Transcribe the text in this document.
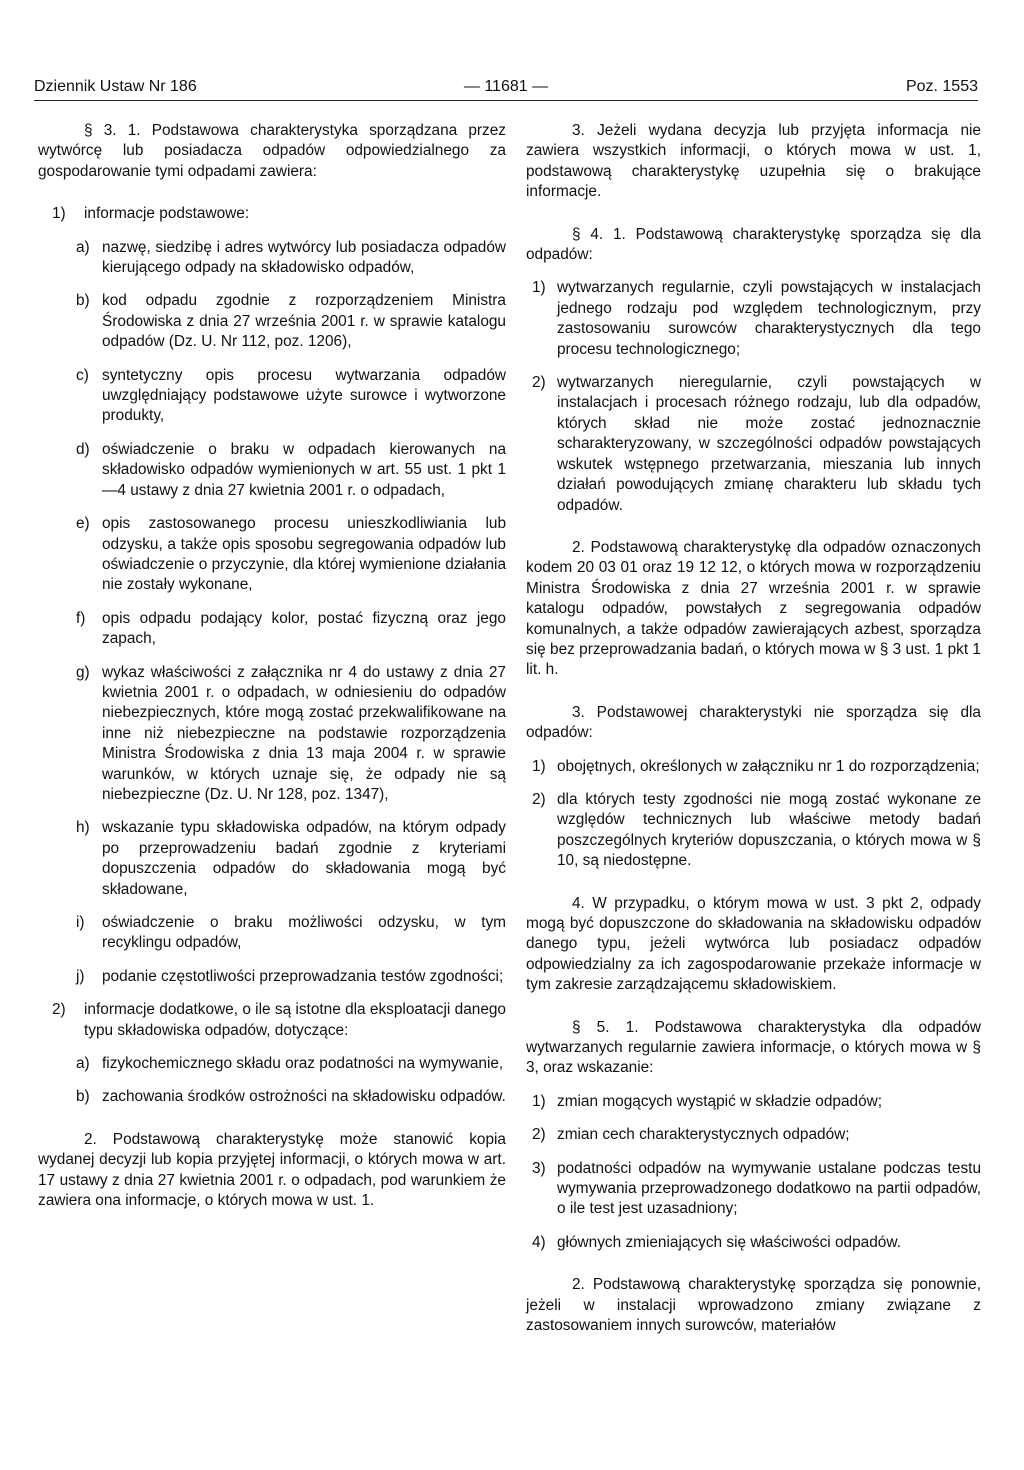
Dziennik Ustaw Nr 186	— 11681 —	Poz. 1553

§ 3. 1. Podstawowa charakterystyka sporządzana przez wytwórcę lub posiadacza odpadów odpowiedzialnego za gospodarowanie tymi odpadami zawiera:

1) informacje podstawowe:
a) nazwę, siedzibę i adres wytwórcy lub posiadacza odpadów kierującego odpady na składowisko odpadów,
b) kod odpadu zgodnie z rozporządzeniem Ministra Środowiska z dnia 27 września 2001 r. w sprawie katalogu odpadów (Dz. U. Nr 112, poz. 1206),
c) syntetyczny opis procesu wytwarzania odpadów uwzględniający podstawowe użyte surowce i wytworzone produkty,
d) oświadczenie o braku w odpadach kierowanych na składowisko odpadów wymienionych w art. 55 ust. 1 pkt 1—4 ustawy z dnia 27 kwietnia 2001 r. o odpadach,
e) opis zastosowanego procesu unieszkodliwiania lub odzysku, a także opis sposobu segregowania odpadów lub oświadczenie o przyczynie, dla której wymienione działania nie zostały wykonane,
f) opis odpadu podający kolor, postać fizyczną oraz jego zapach,
g) wykaz właściwości z załącznika nr 4 do ustawy z dnia 27 kwietnia 2001 r. o odpadach, w odniesieniu do odpadów niebezpiecznych, które mogą zostać przekwalifikowane na inne niż niebezpieczne na podstawie rozporządzenia Ministra Środowiska z dnia 13 maja 2004 r. w sprawie warunków, w których uznaje się, że odpady nie są niebezpieczne (Dz. U. Nr 128, poz. 1347),
h) wskazanie typu składowiska odpadów, na którym odpady po przeprowadzeniu badań zgodnie z kryteriami dopuszczenia odpadów do składowania mogą być składowane,
i) oświadczenie o braku możliwości odzysku, w tym recyklingu odpadów,
j) podanie częstotliwości przeprowadzania testów zgodności;
2) informacje dodatkowe, o ile są istotne dla eksploatacji danego typu składowiska odpadów, dotyczące:
a) fizykochemicznego składu oraz podatności na wymywanie,
b) zachowania środków ostrożności na składowisku odpadów.

2. Podstawową charakterystykę może stanowić kopia wydanej decyzji lub kopia przyjętej informacji, o których mowa w art. 17 ustawy z dnia 27 kwietnia 2001 r. o odpadach, pod warunkiem że zawiera ona informacje, o których mowa w ust. 1.

3. Jeżeli wydana decyzja lub przyjęta informacja nie zawiera wszystkich informacji, o których mowa w ust. 1, podstawową charakterystykę uzupełnia się o brakujące informacje.

§ 4. 1. Podstawową charakterystykę sporządza się dla odpadów:

1) wytwarzanych regularnie, czyli powstających w instalacjach jednego rodzaju pod względem technologicznym, przy zastosowaniu surowców charakterystycznych dla tego procesu technologicznego;
2) wytwarzanych nieregularnie, czyli powstających w instalacjach i procesach różnego rodzaju, lub dla odpadów, których skład nie może zostać jednoznacznie scharakteryzowany, w szczególności odpadów powstających wskutek wstępnego przetwarzania, mieszania lub innych działań powodujących zmianę charakteru lub składu tych odpadów.

2. Podstawową charakterystykę dla odpadów oznaczonych kodem 20 03 01 oraz 19 12 12, o których mowa w rozporządzeniu Ministra Środowiska z dnia 27 września 2001 r. w sprawie katalogu odpadów, powstałych z segregowania odpadów komunalnych, a także odpadów zawierających azbest, sporządza się bez przeprowadzania badań, o których mowa w § 3 ust. 1 pkt 1 lit. h.

3. Podstawowej charakterystyki nie sporządza się dla odpadów:

1) obojętnych, określonych w załączniku nr 1 do rozporządzenia;
2) dla których testy zgodności nie mogą zostać wykonane ze względów technicznych lub właściwe metody badań poszczególnych kryteriów dopuszczania, o których mowa w § 10, są niedostępne.

4. W przypadku, o którym mowa w ust. 3 pkt 2, odpady mogą być dopuszczone do składowania na składowisku odpadów danego typu, jeżeli wytwórca lub posiadacz odpadów odpowiedzialny za ich zagospodarowanie przekaże informacje w tym zakresie zarządzającemu składowiskiem.

§ 5. 1. Podstawowa charakterystyka dla odpadów wytwarzanych regularnie zawiera informacje, o których mowa w § 3, oraz wskazanie:

1) zmian mogących wystąpić w składzie odpadów;
2) zmian cech charakterystycznych odpadów;
3) podatności odpadów na wymywanie ustalane podczas testu wymywania przeprowadzonego dodatkowo na partii odpadów, o ile test jest uzasadniony;
4) głównych zmieniających się właściwości odpadów.

2. Podstawową charakterystykę sporządza się ponownie, jeżeli w instalacji wprowadzono zmiany związane z zastosowaniem innych surowców, materiałów
